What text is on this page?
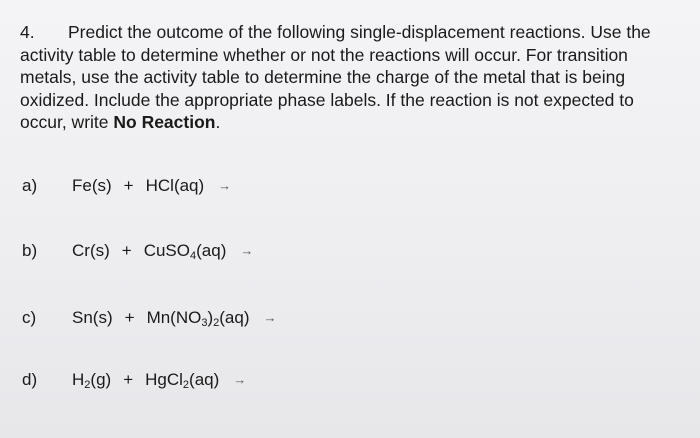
4. Predict the outcome of the following single-displacement reactions. Use the activity table to determine whether or not the reactions will occur. For transition metals, use the activity table to determine the charge of the metal that is being oxidized. Include the appropriate phase labels. If the reaction is not expected to occur, write No Reaction.
a)	Fe(s) + HCl(aq) →
b)	Cr(s) + CuSO$_4$(aq) →
c)	$Sn(s) + Mn(NO_3)_2(aq)$ →
d)	$H_2(g)$ + HgCl$_2$(aq) →
